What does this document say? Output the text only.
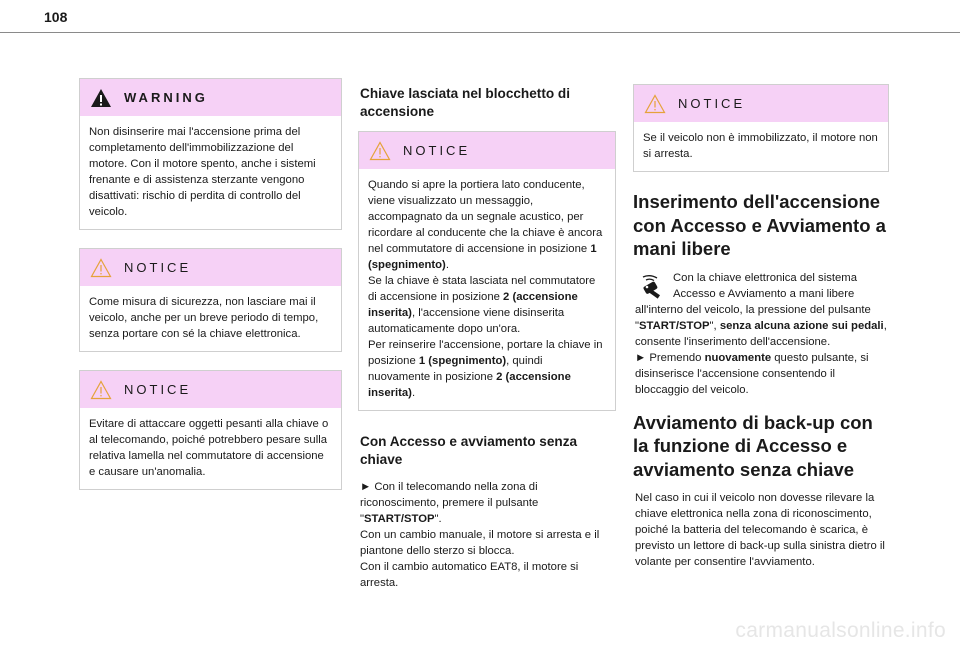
108
WARNING

Non disinserire mai l'accensione prima del completamento dell'immobilizzazione del motore. Con il motore spento, anche i sistemi frenante e di assistenza sterzante vengono disattivati: rischio di perdita di controllo del veicolo.

NOTICE

Come misura di sicurezza, non lasciare mai il veicolo, anche per un breve periodo di tempo, senza portare con sé la chiave elettronica.

NOTICE

Evitare di attaccare oggetti pesanti alla chiave o al telecomando, poiché potrebbero pesare sulla relativa lamella nel commutatore di accensione e causare un'anomalia.

Chiave lasciata nel blocchetto di accensione
NOTICE

Quando si apre la portiera lato conducente, viene visualizzato un messaggio, accompagnato da un segnale acustico, per ricordare al conducente che la chiave è ancora nel commutatore di accensione in posizione 1 (spegnimento).

Se la chiave è stata lasciata nel commutatore di accensione in posizione 2 (accensione inserita), l'accensione viene disinserita automaticamente dopo un'ora.

Per reinserire l'accensione, portare la chiave in posizione 1 (spegnimento), quindi nuovamente in posizione 2 (accensione inserita).

Con Accesso e avviamento senza chiave

► Con il telecomando nella zona di riconoscimento, premere il pulsante "START/STOP".

Con un cambio manuale, il motore si arresta e il piantone dello sterzo si blocca.

Con il cambio automatico EAT8, il motore si arresta.

NOTICE

Se il veicolo non è immobilizzato, il motore non si arresta.

Inserimento dell'accensione con Accesso e Avviamento a mani libere

Con la chiave elettronica del sistema Accesso e Avviamento a mani libere all'interno del veicolo, la pressione del pulsante "START/STOP", senza alcuna azione sui pedali, consente l'inserimento dell'accensione.

► Premendo nuovamente questo pulsante, si disinserisce l'accensione consentendo il bloccaggio del veicolo.

Avviamento di back-up con la funzione di Accesso e avviamento senza chiave

Nel caso in cui il veicolo non dovesse rilevare la chiave elettronica nella zona di riconoscimento, poiché la batteria del telecomando è scarica, è previsto un lettore di back-up sulla sinistra dietro il volante per consentire l'avviamento.

carmanualsonline.info
